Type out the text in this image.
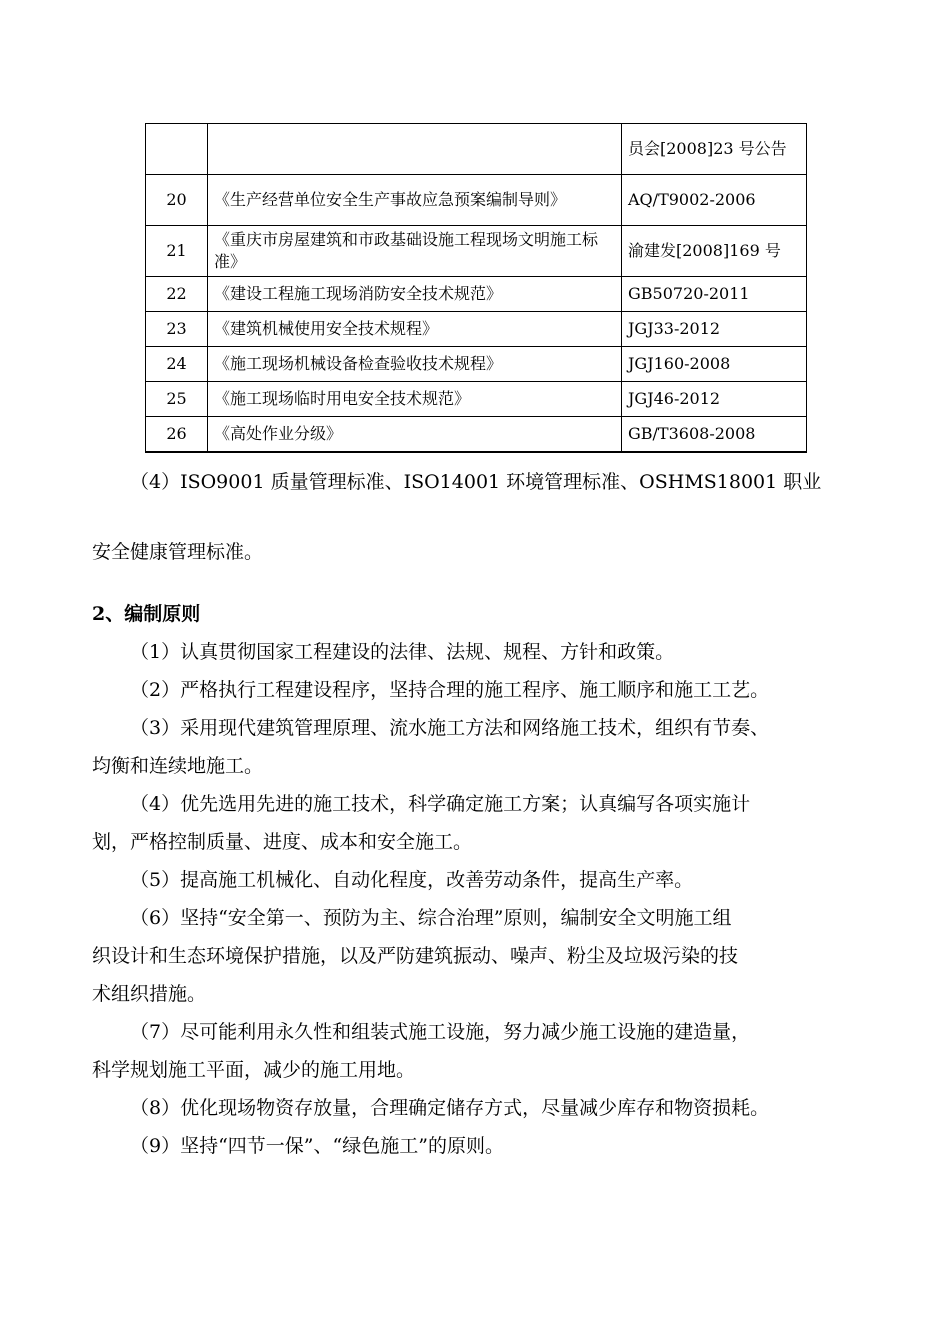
		员会[2008]23 号公告
20	《生产经营单位安全生产事故应急预案编制导则》	AQ/T9002-2006
21	《重庆市房屋建筑和市政基础设施工程现场文明施工标准》	渝建发[2008]169 号
22	《建设工程施工现场消防安全技术规范》	GB50720-2011
23	《建筑机械使用安全技术规程》	JGJ33-2012
24	《施工现场机械设备检查验收技术规程》	JGJ160-2008
25	《施工现场临时用电安全技术规范》	JGJ46-2012
26	《高处作业分级》	GB/T3608-2008
（4）ISO9001 质量管理标准、ISO14001 环境管理标准、OSHMS18001 职业
安全健康管理标准。
2、编制原则
（1）认真贯彻国家工程建设的法律、法规、规程、方针和政策。
（2）严格执行工程建设程序，坚持合理的施工程序、施工顺序和施工工艺。
（3）采用现代建筑管理原理、流水施工方法和网络施工技术，组织有节奏、
均衡和连续地施工。
（4）优先选用先进的施工技术，科学确定施工方案；认真编写各项实施计
划，严格控制质量、进度、成本和安全施工。
（5）提高施工机械化、自动化程度，改善劳动条件，提高生产率。
（6）坚持“安全第一、预防为主、综合治理”原则，编制安全文明施工组
织设计和生态环境保护措施，以及严防建筑振动、噪声、粉尘及垃圾污染的技
术组织措施。
（7）尽可能利用永久性和组装式施工设施，努力减少施工设施的建造量，
科学规划施工平面，减少的施工用地。
（8）优化现场物资存放量，合理确定储存方式，尽量减少库存和物资损耗。
（9）坚持“四节一保”、“绿色施工”的原则。
